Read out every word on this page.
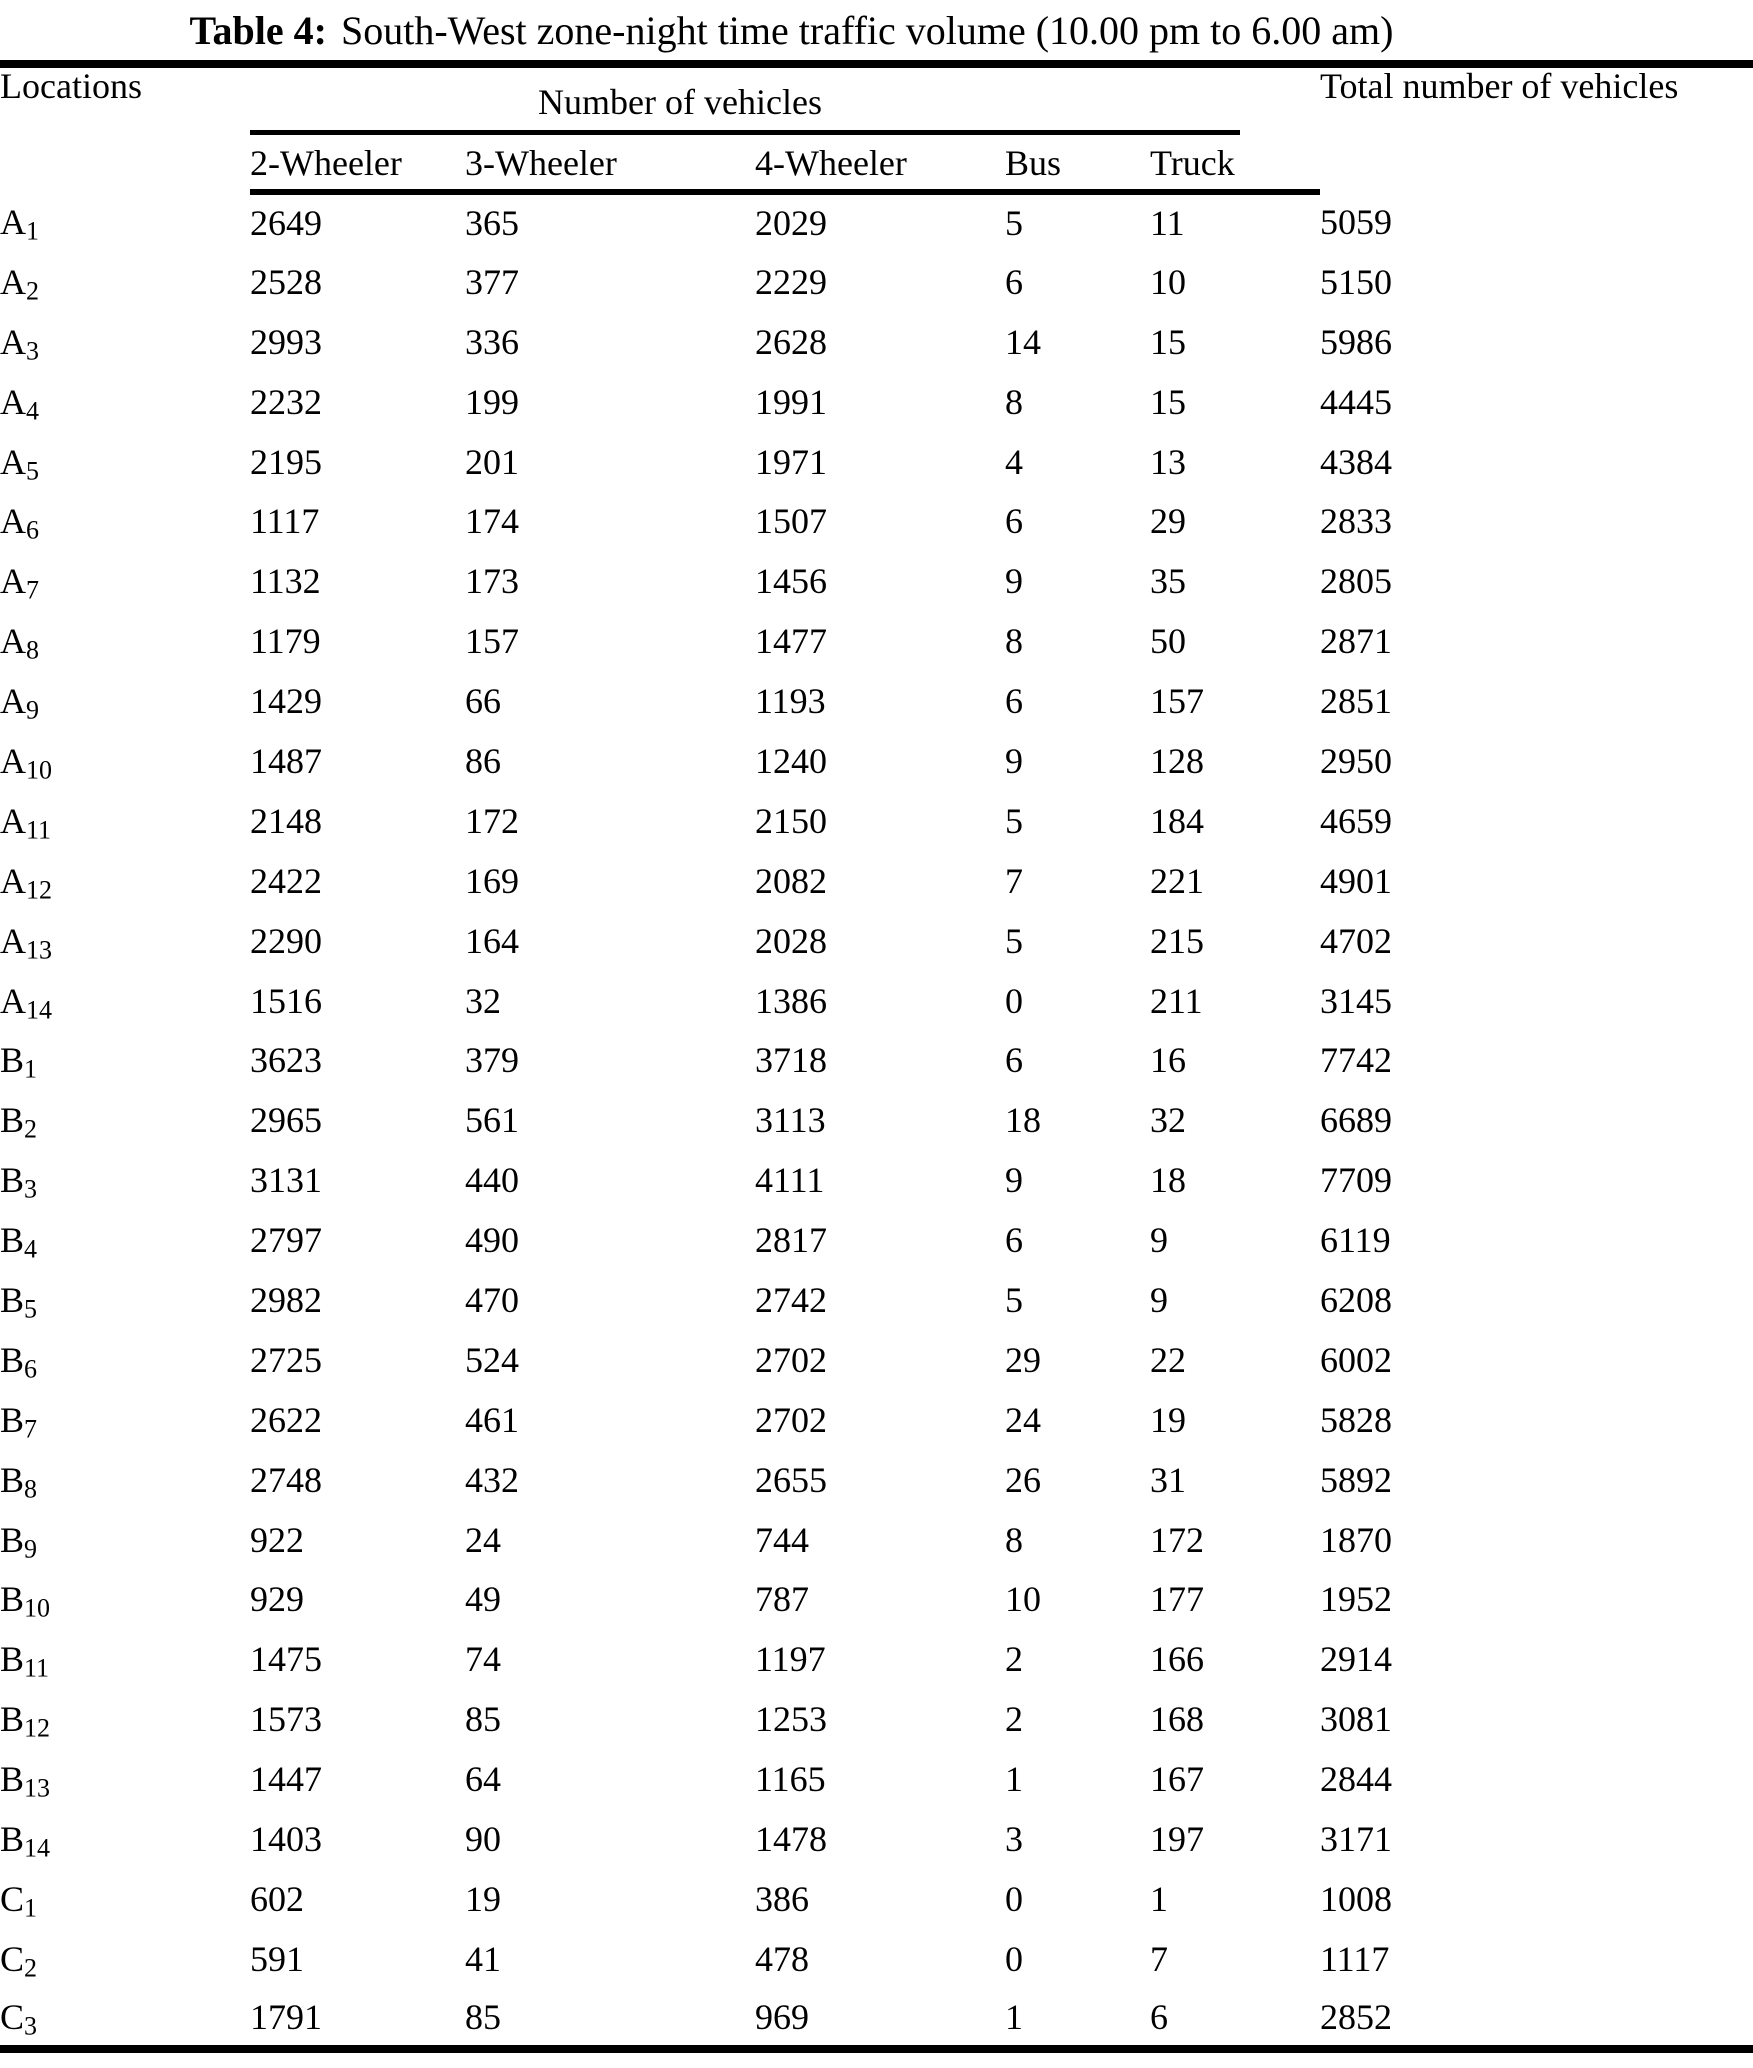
Table 4: South-West zone-night time traffic volume (10.00 pm to 6.00 am)
Locations	Number of vehicles					Total number of vehicles
	2-Wheeler	3-Wheeler	4-Wheeler	Bus	Truck	
$A_1$	2649	365	2029	5	11	5059
$A_2$	2528	377	2229	6	10	5150
$A_3$	2993	336	2628	14	15	5986
$A_4$	2232	199	1991	8	15	4445
$A_5$	2195	201	1971	4	13	4384
$A_6$	1117	174	1507	6	29	2833
$A_7$	1132	173	1456	9	35	2805
$A_8$	1179	157	1477	8	50	2871
$A_9$	1429	66	1193	6	157	2851
$A_{10}$	1487	86	1240	9	128	2950
$A_{11}$	2148	172	2150	5	184	4659
$A_{12}$	2422	169	2082	7	221	4901
$A_{13}$	2290	164	2028	5	215	4702
$A_{14}$	1516	32	1386	0	211	3145
$B_1$	3623	379	3718	6	16	7742
$B_2$	2965	561	3113	18	32	6689
$B_3$	3131	440	4111	9	18	7709
$B_4$	2797	490	2817	6	9	6119
$B_5$	2982	470	2742	5	9	6208
$B_6$	2725	524	2702	29	22	6002
$B_7$	2622	461	2702	24	19	5828
$B_8$	2748	432	2655	26	31	5892
$B_9$	922	24	744	8	172	1870
$B_{10}$	929	49	787	10	177	1952
$B_{11}$	1475	74	1197	2	166	2914
$B_{12}$	1573	85	1253	2	168	3081
$B_{13}$	1447	64	1165	1	167	2844
$B_{14}$	1403	90	1478	3	197	3171
$C_1$	602	19	386	0	1	1008
$C_2$	591	41	478	0	7	1117
$C_3$	1791	85	969	1	6	2852
